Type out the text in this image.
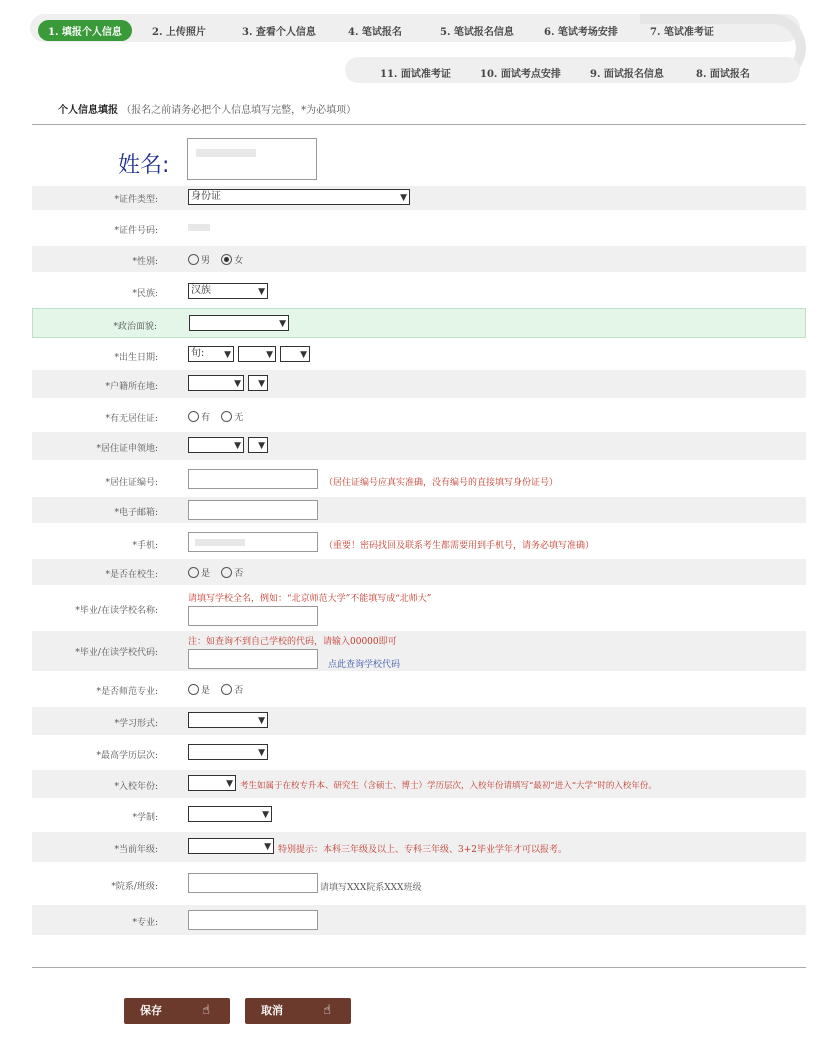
1. 填报个人信息	2. 上传照片	3. 查看个人信息	4. 笔试报名	5. 笔试报名信息	6. 笔试考场安排	7. 笔试准考证
11. 面试准考证	10. 面试考点安排	9. 面试报名信息	8. 面试报名
个人信息填报 （报名之前请务必把个人信息填写完整，*为必填项）
姓名:
*证件类型:	身份证	▼
*证件号码:
*性别:	男	女
*民族:	汉族	▼
*政治面貌:	▼
*出生日期:	旬: ▼	▼	▼
*户籍所在地:	▼ ▼
*有无居住证:	有	无
*居住证申领地:	▼ ▼
*居住证编号:	（居住证编号应真实准确，没有编号的直接填写身份证号）
*电子邮箱:
*手机:	（重要！密码找回及联系考生都需要用到手机号，请务必填写准确）
*是否在校生:	是	否
*毕业/在读学校名称:
请填写学校全名，例如：“北京师范大学”不能填写成“北师大”
*毕业/在读学校代码:
注：如查询不到自己学校的代码，请输入00000即可
点此查询学校代码
*是否师范专业:	是	否
*学习形式:	▼
*最高学历层次:	▼
*入校年份:	▼ 考生如属于在校专升本、研究生（含硕士、博士）学历层次，入校年份请填写“最初”进入“大学”时的入校年份。
*学制:	▼
*当前年级:	▼ 特别提示：本科三年级及以上、专科三年级、3+2毕业学年才可以报考。
*院系/班级:	请填写XXX院系XXX班级
*专业:
保存	☝	取消	☝
